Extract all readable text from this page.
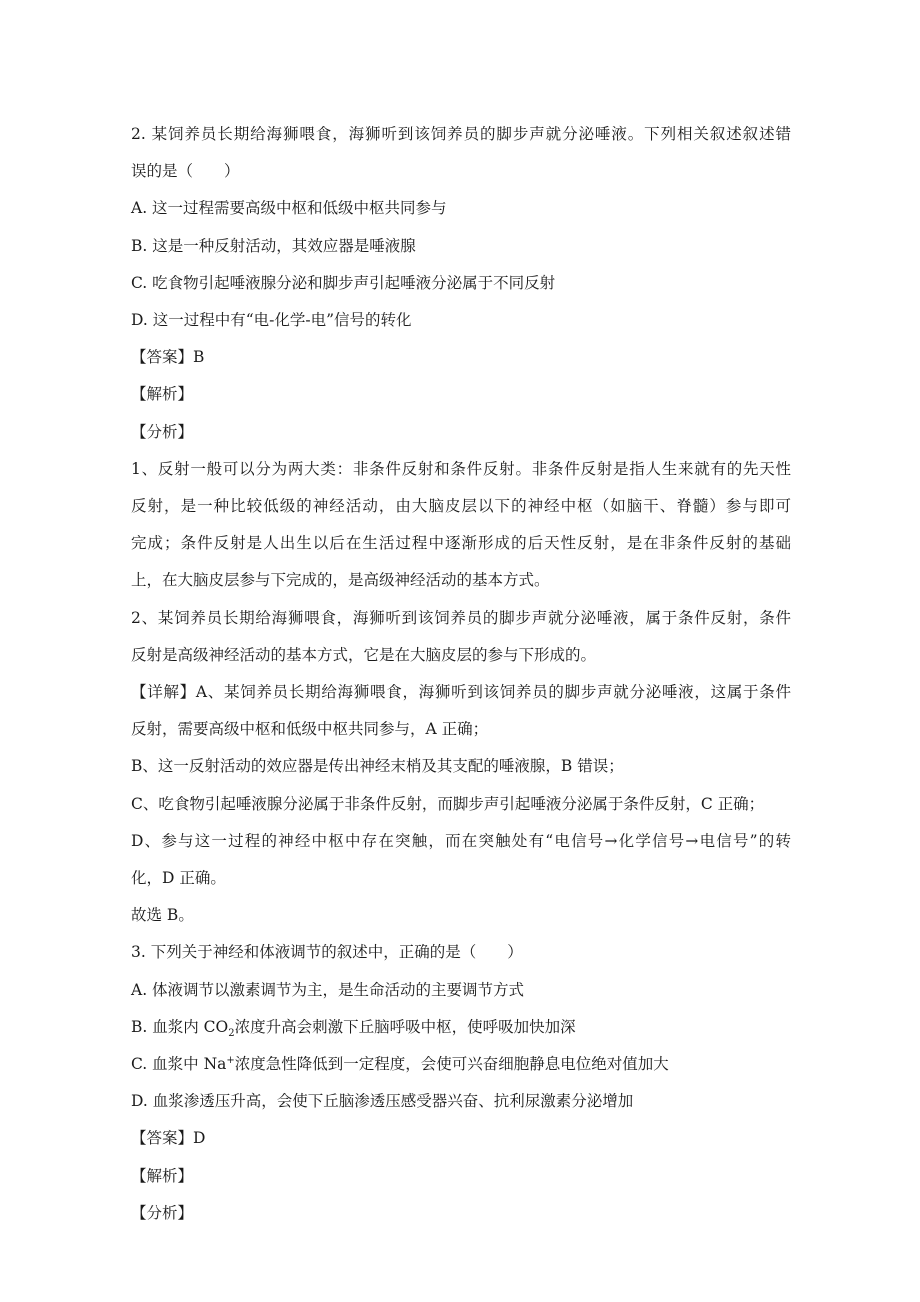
2. 某饲养员长期给海狮喂食，海狮听到该饲养员的脚步声就分泌唾液。下列相关叙述叙述错

误的是（　　）

A. 这一过程需要高级中枢和低级中枢共同参与

B. 这是一种反射活动，其效应器是唾液腺

C. 吃食物引起唾液腺分泌和脚步声引起唾液分泌属于不同反射

D. 这一过程中有“电-化学-电”信号的转化

【答案】B

【解析】

【分析】

1、反射一般可以分为两大类：非条件反射和条件反射。非条件反射是指人生来就有的先天性

反射，是一种比较低级的神经活动，由大脑皮层以下的神经中枢（如脑干、脊髓）参与即可

完成；条件反射是人出生以后在生活过程中逐渐形成的后天性反射，是在非条件反射的基础

上，在大脑皮层参与下完成的，是高级神经活动的基本方式。

2、某饲养员长期给海狮喂食，海狮听到该饲养员的脚步声就分泌唾液，属于条件反射，条件

反射是高级神经活动的基本方式，它是在大脑皮层的参与下形成的。

【详解】A、某饲养员长期给海狮喂食，海狮听到该饲养员的脚步声就分泌唾液，这属于条件

反射，需要高级中枢和低级中枢共同参与，A 正确；

B、这一反射活动的效应器是传出神经末梢及其支配的唾液腺，B 错误；

C、吃食物引起唾液腺分泌属于非条件反射，而脚步声引起唾液分泌属于条件反射，C 正确；

D、参与这一过程的神经中枢中存在突触，而在突触处有“电信号→化学信号→电信号”的转

化，D 正确。

故选 B。

3. 下列关于神经和体液调节的叙述中，正确的是（　　）

A. 体液调节以激素调节为主，是生命活动的主要调节方式

B. 血浆内 $CO_2$浓度升高会刺激下丘脑呼吸中枢，使呼吸加快加深

C. 血浆中 Na+浓度急性降低到一定程度，会使可兴奋细胞静息电位绝对值加大

D. 血浆渗透压升高，会使下丘脑渗透压感受器兴奋、抗利尿激素分泌增加

【答案】D

【解析】

【分析】
